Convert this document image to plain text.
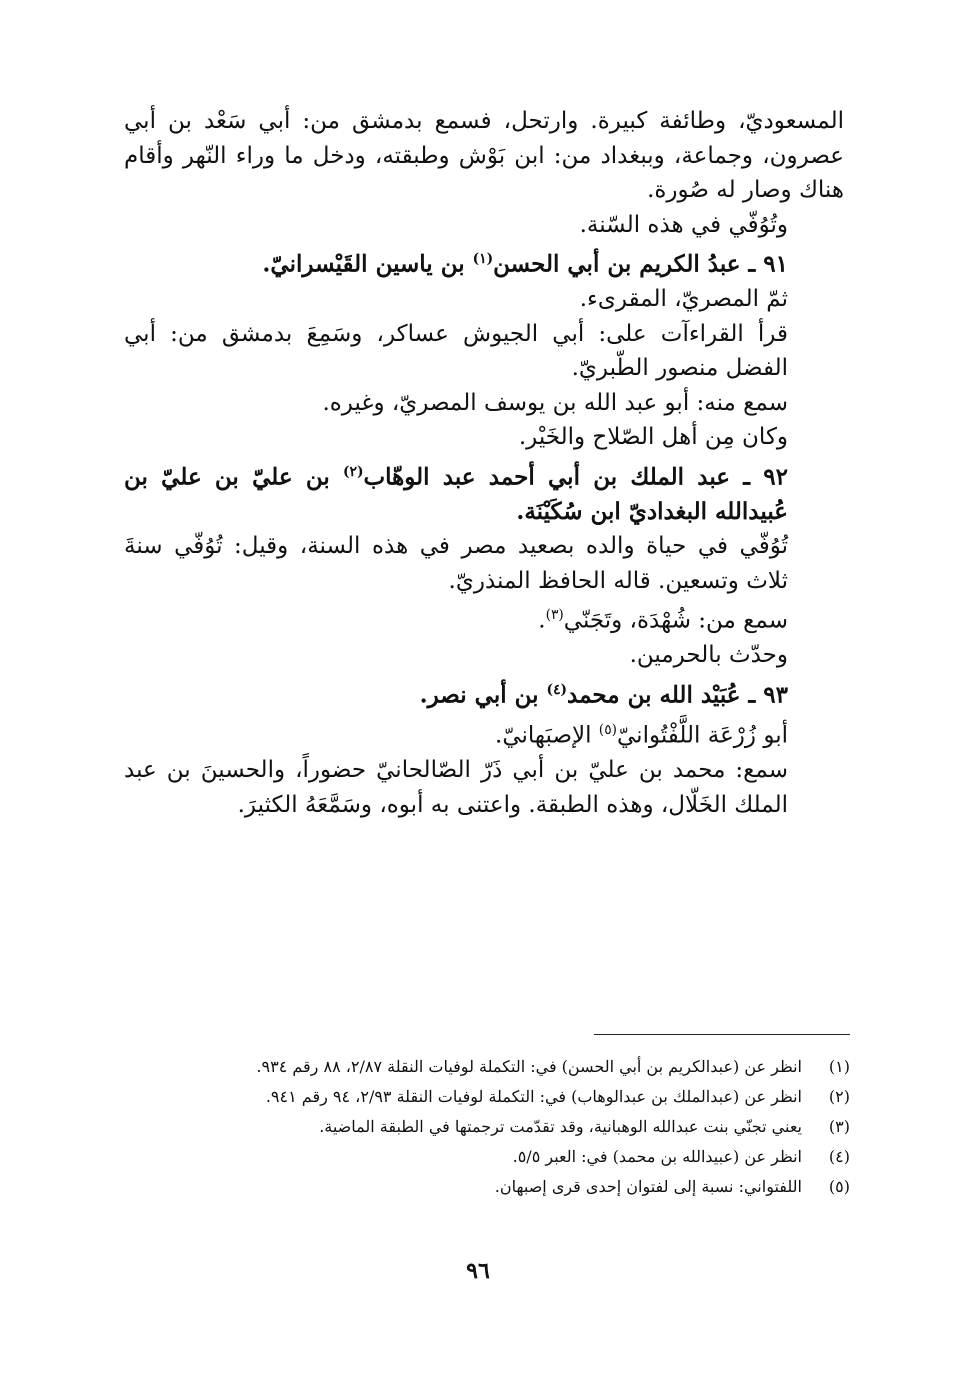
المسعوديّ، وطائفة كبيرة. وارتحل، فسمع بدمشق من: أبي سَعْد بن أبي عصرون، وجماعة، وببغداد من: ابن بَوْش وطبقته، ودخل ما وراء النّهر وأقام هناك وصار له صُورة.

وتُوُفّي في هذه السّنة.

٩١ ـ عبدُ الكريم بن أبي الحسن$^{(١)}$ بن ياسين القَيْسرانيّ.

ثمّ المصريّ، المقرىء.

قرأ القراءآت على: أبي الجيوش عساكر، وسَمِعَ بدمشق من: أبي الفضل منصور الطّبريّ.

سمع منه: أبو عبد الله بن يوسف المصريّ، وغيره.

وكان مِن أهل الصّلاح والخَيْر.

٩٢ ـ عبد الملك بن أبي أحمد عبد الوهّاب$^{(٢)}$ بن عليّ بن عليّ بن عُبيدالله البغداديّ ابن سُكَيْنَة.

تُوُفّي في حياة والده بصعيد مصر في هذه السنة، وقيل: تُوُفّي سنةَ ثلاث وتسعين. قاله الحافظ المنذريّ.

سمع من: شُهْدَة، وتَجَنّي$^{(٣)}$.

وحدّث بالحرمين.

٩٣ ـ عُبَيْد الله بن محمد$^{(٤)}$ بن أبي نصر.

أبو زُرْعَة اللَّفْتُوانيّ$^{(٥)}$ الإصبَهانيّ.

سمع: محمد بن عليّ بن أبي ذَرّ الصّالحانيّ حضوراً، والحسينَ بن عبد الملك الخَلّال، وهذه الطبقة. واعتنى به أبوه، وسَمَّعَهُ الكثيرَ.

(١)
انظر عن (عبدالكريم بن أبي الحسن) في: التكملة لوفيات النقلة ٢/٨٧، ٨٨ رقم ٩٣٤.
(٢)
انظر عن (عبدالملك بن عبدالوهاب) في: التكملة لوفيات النقلة ٢/٩٣، ٩٤ رقم ٩٤١.
(٣)
يعني تجنّي بنت عبدالله الوهبانية، وقد تقدّمت ترجمتها في الطبقة الماضية.
(٤)
انظر عن (عبيدالله بن محمد) في: العبر ٥/٥.
(٥)
اللفتواني: نسبة إلى لفتوان إحدى قرى إصبهان.
٩٦
